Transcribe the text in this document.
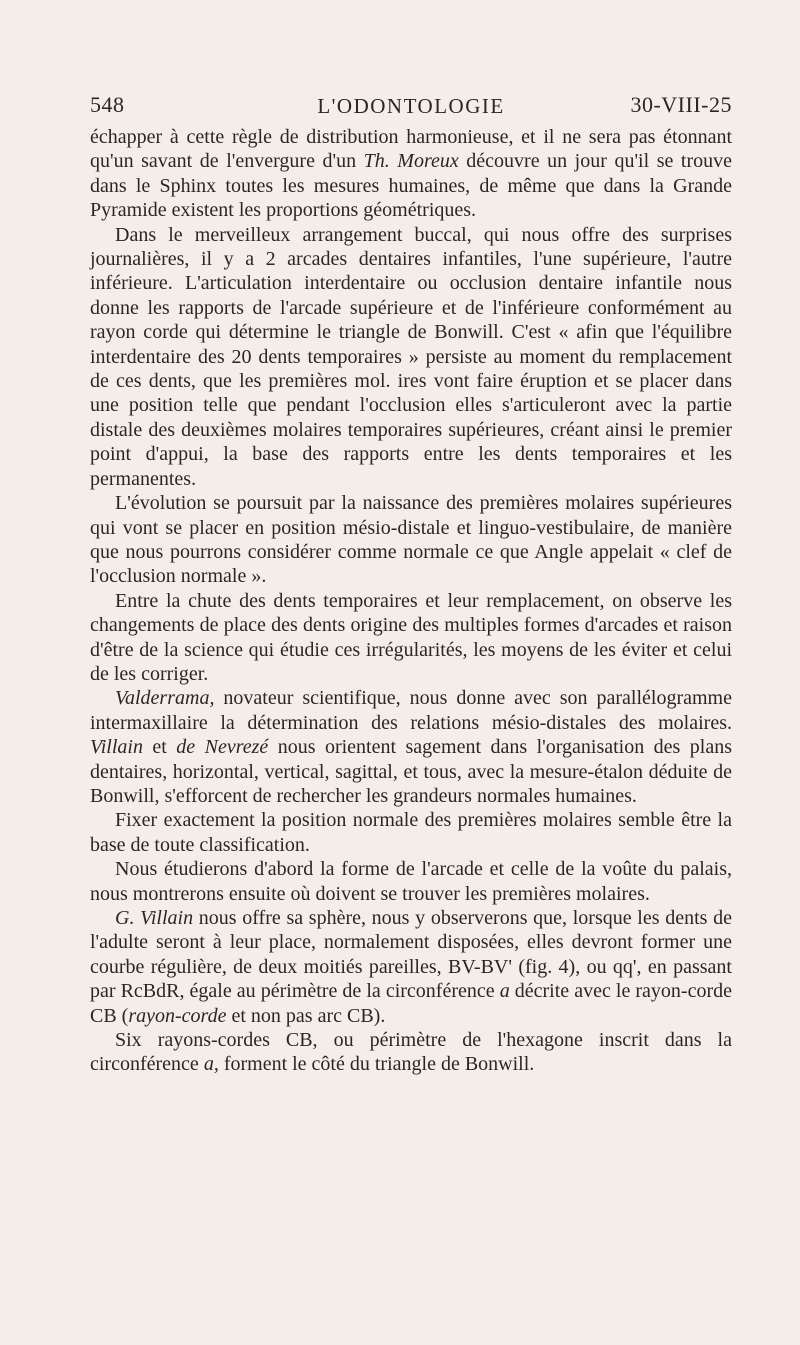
548	L'ODONTOLOGIE	30-VIII-25

échapper à cette règle de distribution harmonieuse, et il ne sera pas étonnant qu'un savant de l'envergure d'un Th. Moreux découvre un jour qu'il se trouve dans le Sphinx toutes les mesures humaines, de même que dans la Grande Pyramide existent les proportions géométriques.

Dans le merveilleux arrangement buccal, qui nous offre des surprises journalières, il y a 2 arcades dentaires infantiles, l'une supérieure, l'autre inférieure. L'articulation interdentaire ou occlusion dentaire infantile nous donne les rapports de l'arcade supérieure et de l'inférieure conformément au rayon corde qui détermine le triangle de Bonwill. C'est « afin que l'équilibre interdentaire des 20 dents temporaires » persiste au moment du remplacement de ces dents, que les premières mol. ires vont faire éruption et se placer dans une position telle que pendant l'occlusion elles s'articuleront avec la partie distale des deuxièmes molaires temporaires supérieures, créant ainsi le premier point d'appui, la base des rapports entre les dents temporaires et les permanentes.

L'évolution se poursuit par la naissance des premières molaires supérieures qui vont se placer en position mésio-distale et linguo-vestibulaire, de manière que nous pourrons considérer comme normale ce que Angle appelait « clef de l'occlusion normale ».

Entre la chute des dents temporaires et leur remplacement, on observe les changements de place des dents origine des multiples formes d'arcades et raison d'être de la science qui étudie ces irrégularités, les moyens de les éviter et celui de les corriger.

Valderrama, novateur scientifique, nous donne avec son parallélogramme intermaxillaire la détermination des relations mésio-distales des molaires. Villain et de Nevrezé nous orientent sagement dans l'organisation des plans dentaires, horizontal, vertical, sagittal, et tous, avec la mesure-étalon déduite de Bonwill, s'efforcent de rechercher les grandeurs normales humaines.

Fixer exactement la position normale des premières molaires semble être la base de toute classification.

Nous étudierons d'abord la forme de l'arcade et celle de la voûte du palais, nous montrerons ensuite où doivent se trouver les premières molaires.

G. Villain nous offre sa sphère, nous y observerons que, lorsque les dents de l'adulte seront à leur place, normalement disposées, elles devront former une courbe régulière, de deux moitiés pareilles, BV-BV' (fig. 4), ou qq', en passant par RcBdR, égale au périmètre de la circonférence a décrite avec le rayon-corde CB (rayon-corde et non pas arc CB).

Six rayons-cordes CB, ou périmètre de l'hexagone inscrit dans la circonférence a, forment le côté du triangle de Bonwill.
